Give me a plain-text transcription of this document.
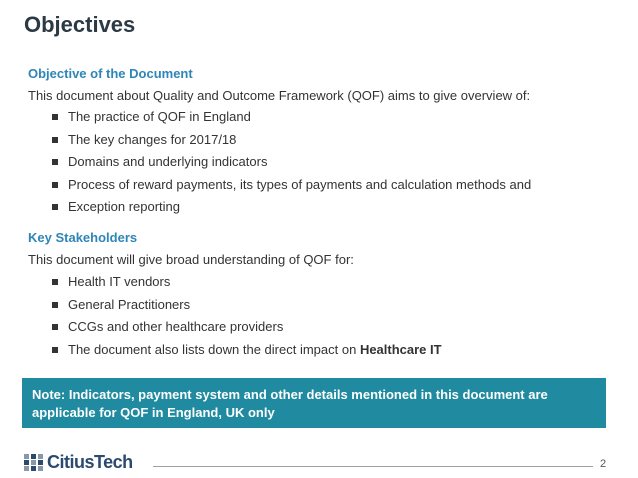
Objectives
Objective of the Document
This document about Quality and Outcome Framework (QOF) aims to give overview of:
The practice of QOF in England
The key changes for 2017/18
Domains and underlying indicators
Process of reward payments, its types of payments and calculation methods and
Exception reporting
Key Stakeholders
This document will give broad understanding of QOF for:
Health IT vendors
General Practitioners
CCGs and other healthcare providers
The document also lists down the direct impact on Healthcare IT
Note: Indicators, payment system and other details mentioned in this document are applicable for QOF in England, UK only
CitiusTech	2
